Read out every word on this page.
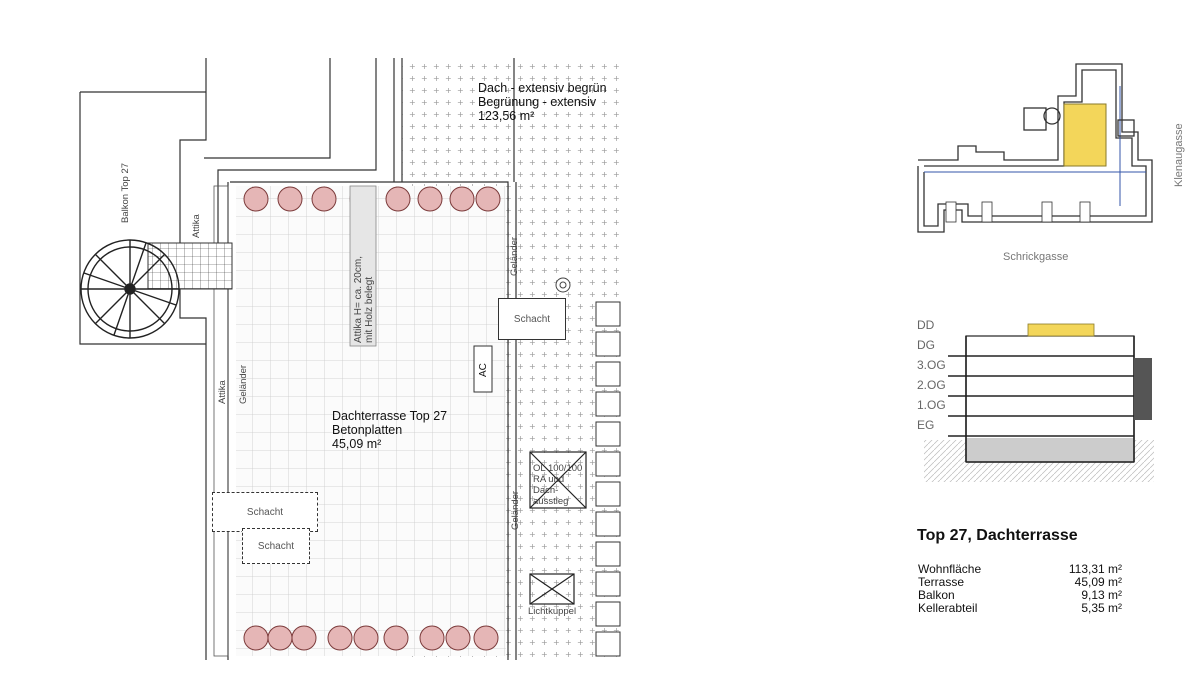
Dach - extensiv begrün
Begrünung - extensiv
123,56 m²
Dachterrasse Top 27
Betonplatten
45,09 m²
Balkon Top 27
Attika
Attika Geländer
Geländer
Geländer
Attika H= ca. 20cm, mit Holz belegt
AC
Schacht
Schacht
Schacht
OL 100/100
RA und
Dach-
ausstieg
Lichtkuppel
Schrickgasse
Klenaugasse
DD
DG
3.OG
2.OG
1.OG
EG
Top 27, Dachterrasse
Wohnfläche	113,31 m²
Terrasse	45,09 m²
Balkon	9,13 m²
Kellerabteil	5,35 m²
